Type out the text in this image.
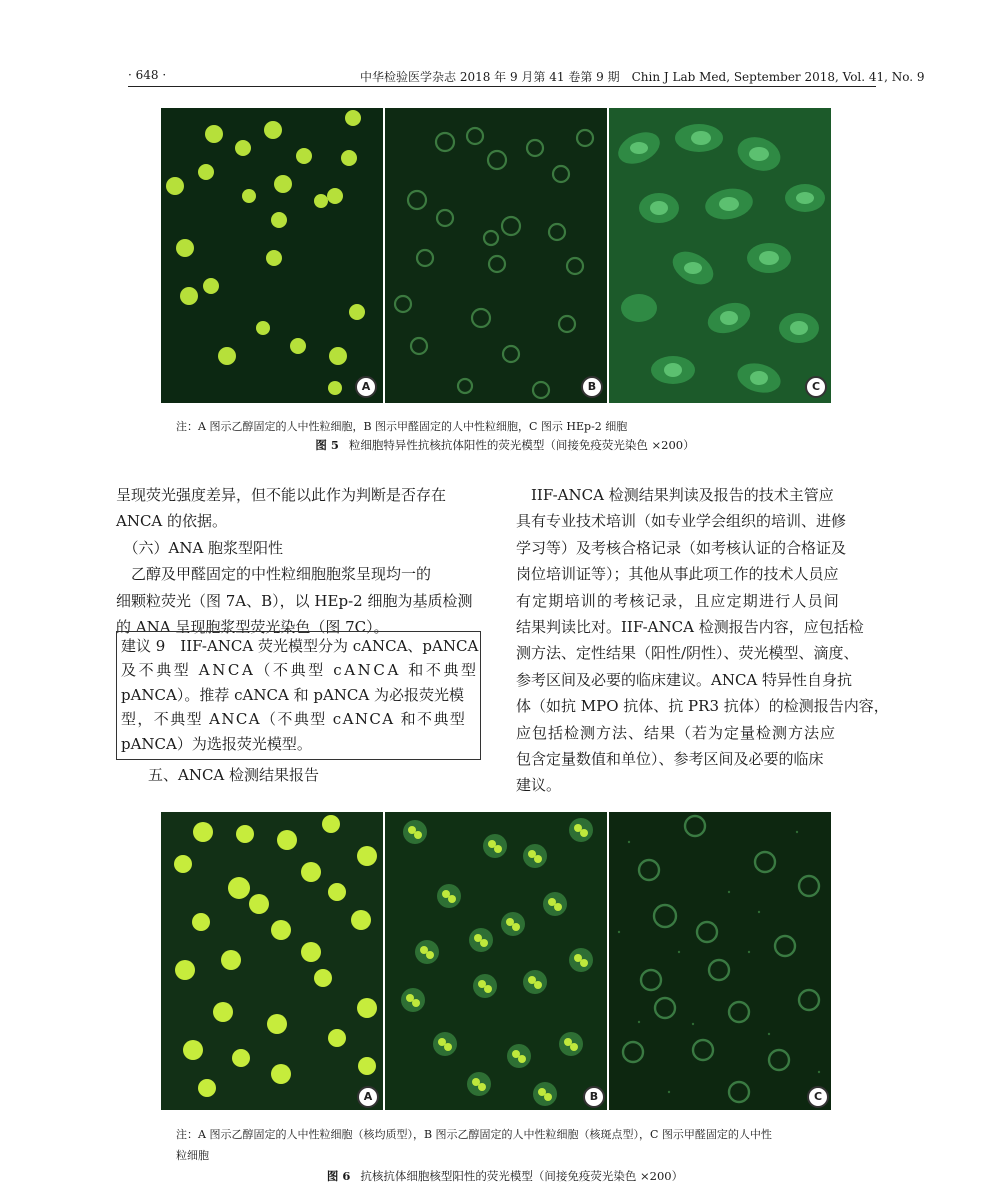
· 648 ·	中华检验医学杂志 2018 年 9 月第 41 卷第 9 期　Chin J Lab Med, September 2018, Vol. 41, No. 9
A	B	C
注：A 图示乙醇固定的人中性粒细胞，B 图示甲醛固定的人中性粒细胞，C 图示 HEp-2 细胞
图 5 粒细胞特异性抗核抗体阳性的荧光模型（间接免疫荧光染色 ×200）

呈现荧光强度差异，但不能以此作为判断是否存在

ANCA 的依据。

　（六）ANA 胞浆型阳性

　乙醇及甲醛固定的中性粒细胞胞浆呈现均一的

细颗粒荧光（图 7A、B），以 HEp-2 细胞为基质检测

的 ANA 呈现胞浆型荧光染色（图 7C）。

建议 9　IIF-ANCA 荧光模型分为 cANCA、pANCA

及不典型 ANCA（不典型 cANCA 和不典型

pANCA）。推荐 cANCA 和 pANCA 为必报荧光模

型，不典型 ANCA（不典型 cANCA 和不典型

pANCA）为选报荧光模型。

五、ANCA 检测结果报告

　IIF-ANCA 检测结果判读及报告的技术主管应

具有专业技术培训（如专业学会组织的培训、进修

学习等）及考核合格记录（如考核认证的合格证及

岗位培训证等）；其他从事此项工作的技术人员应

有定期培训的考核记录，且应定期进行人员间

结果判读比对。IIF-ANCA 检测报告内容，应包括检

测方法、定性结果（阳性/阴性）、荧光模型、滴度、

参考区间及必要的临床建议。ANCA 特异性自身抗

体（如抗 MPO 抗体、抗 PR3 抗体）的检测报告内容，

应包括检测方法、结果（若为定量检测方法应

包含定量数值和单位）、参考区间及必要的临床

建议。

A	B	C
注：A 图示乙醇固定的人中性粒细胞（核均质型），B 图示乙醇固定的人中性粒细胞（核斑点型），C 图示甲醛固定的人中性
粒细胞
图 6 抗核抗体细胞核型阳性的荧光模型（间接免疫荧光染色 ×200）
